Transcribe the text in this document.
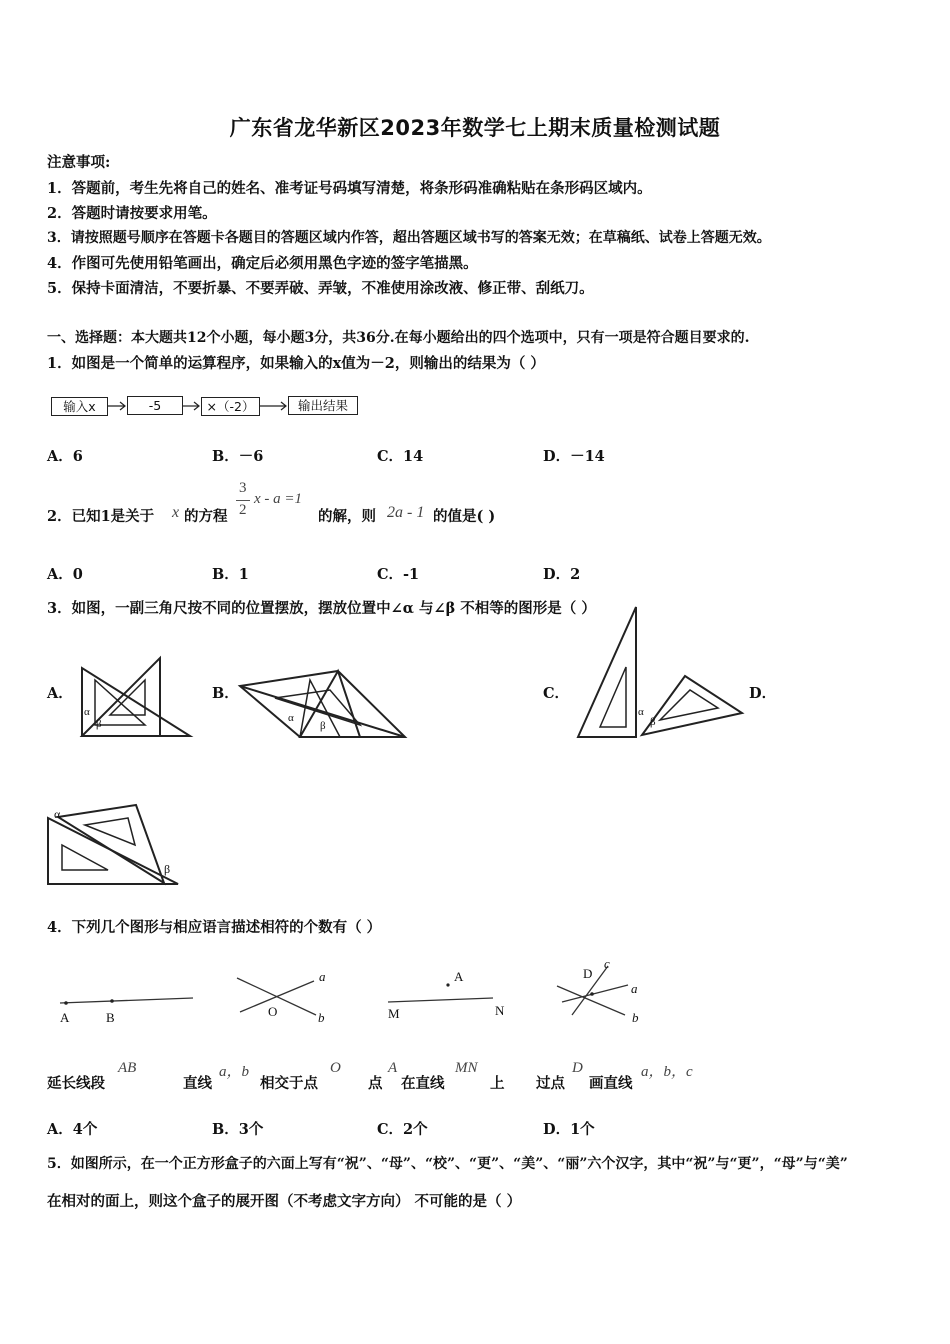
广东省龙华新区2023年数学七上期末质量检测试题
注意事项:
1．答题前，考生先将自己的姓名、准考证号码填写清楚，将条形码准确粘贴在条形码区域内。
2．答题时请按要求用笔。
3．请按照题号顺序在答题卡各题目的答题区域内作答，超出答题区域书写的答案无效；在草稿纸、试卷上答题无效。
4．作图可先使用铅笔画出，确定后必须用黑色字迹的签字笔描黑。
5．保持卡面清洁，不要折暴、不要弄破、弄皱，不准使用涂改液、修正带、刮纸刀。
一、选择题：本大题共12个小题，每小题3分，共36分.在每小题给出的四个选项中，只有一项是符合题目要求的.
1．如图是一个简单的运算程序，如果输入的x值为－2，则输出的结果为（ ）
输入x	-5	×（-2）	输出结果
A．6	B．－6	C．14	D．－14
2．已知1是关于 x 的方程
3
2
x - a =1
的解，则 2a - 1 的值是( )
A．0	B．1	C．-1	D．2
3．如图，一副三角尺按不同的位置摆放，摆放位置中∠α 与∠β 不相等的图形是（ ）
A．	B．	C．	D．
α
β	α
β
α
β
α
β
4．下列几个图形与相应语言描述相符的个数有（ ）
A	B
a
O	b
A
M	N
D
c
a
b
延长线段
AB
直线
a，b
相交于点
O
点
A
在直线
MN
上 过点
D
画直线
a，b，c
A．4个	B．3个	C．2个	D．1个
5．如图所示，在一个正方形盒子的六面上写有“祝”、“母”、“校”、“更”、“美”、“丽”六个汉字，其中“祝”与“更”，“母”与“美”
在相对的面上，则这个盒子的展开图（不考虑文字方向） 不可能的是（ ）
